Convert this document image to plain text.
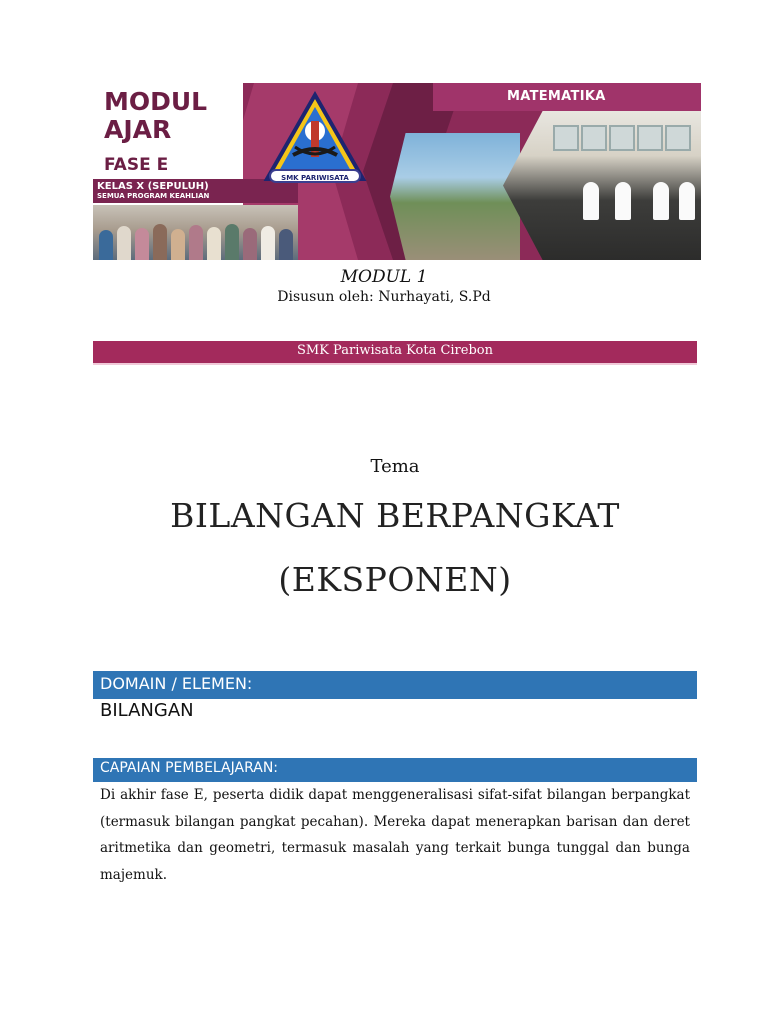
MATEMATIKA
MODUL
AJAR
FASE E
KELAS X (SEPULUH)
SEMUA PROGRAM KEAHLIAN
SMK PARIWISATA
MODUL 1
Disusun oleh: Nurhayati, S.Pd
SMK Pariwisata Kota Cirebon
Tema
BILANGAN BERPANGKAT
(EKSPONEN)
DOMAIN / ELEMEN:
BILANGAN
CAPAIAN PEMBELAJARAN:
Di akhir fase E, peserta didik dapat menggeneralisasi sifat-sifat bilangan berpangkat (termasuk bilangan pangkat pecahan). Mereka dapat menerapkan barisan dan deret aritmetika dan geometri, termasuk masalah yang terkait bunga tunggal dan bunga majemuk.
